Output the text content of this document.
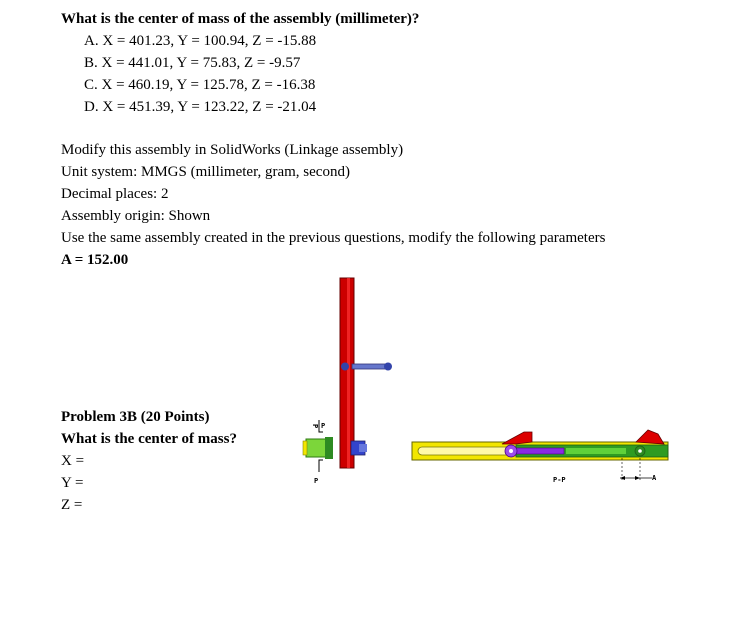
What is the center of mass of the assembly (millimeter)?
A. X = 401.23, Y = 100.94, Z = -15.88
B. X = 441.01, Y = 75.83, Z = -9.57
C. X = 460.19, Y = 125.78, Z = -16.38
D. X = 451.39, Y = 123.22, Z = -21.04
Modify this assembly in SolidWorks (Linkage assembly)
Unit system: MMGS (millimeter, gram, second)
Decimal places: 2
Assembly origin: Shown
Use the same assembly created in the previous questions, modify the following parameters
A = 152.00
Problem 3B (20 Points)
What is the center of mass?
X =
Y =
Z =
P P
P	A
P-P
